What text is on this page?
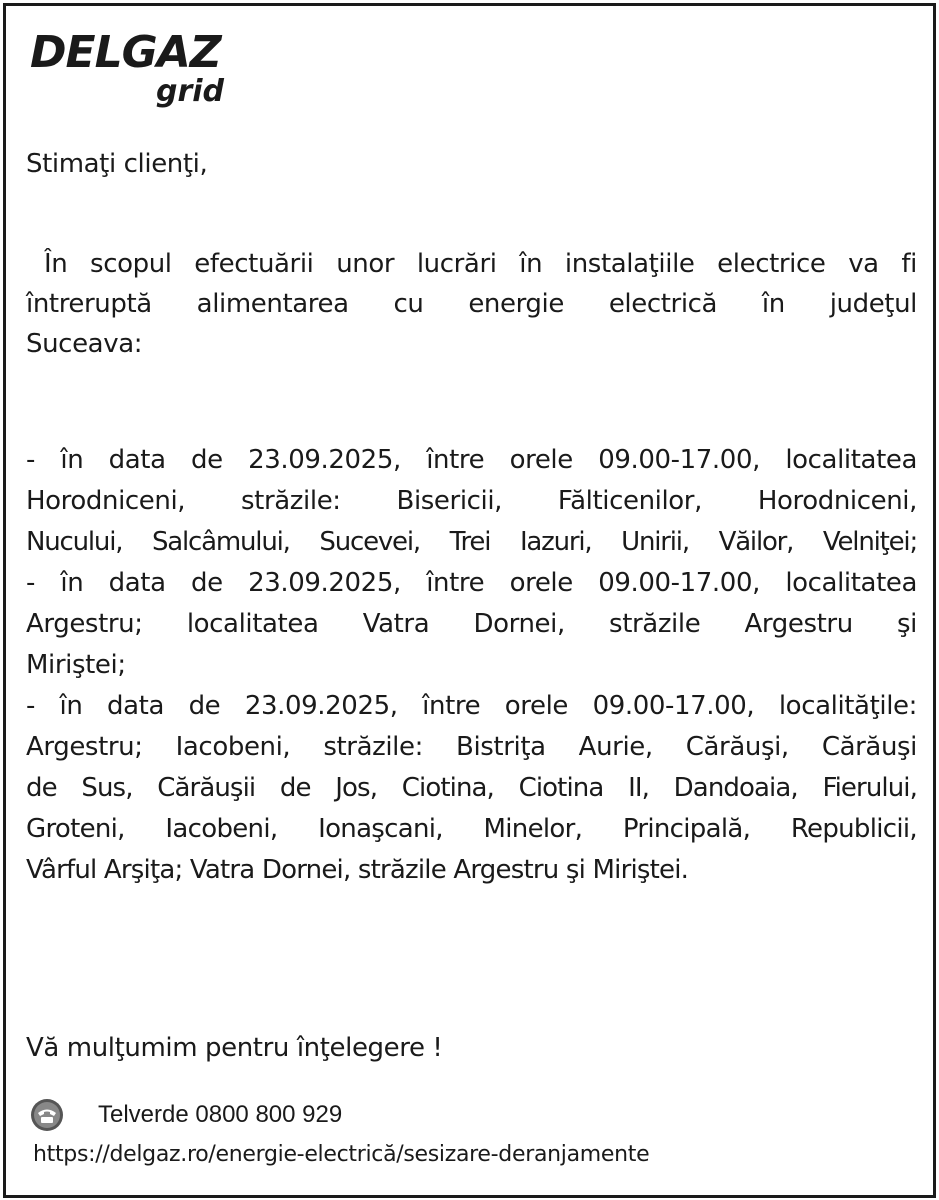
DELGAZ
grid
Stimaţi clienţi,
În scopul efectuării unor lucrări în instalaţiile electrice va fi
întreruptă alimentarea cu energie electrică în judeţul
Suceava:
- în data de 23.09.2025, între orele 09.00-17.00, localitatea
Horodniceni, străzile: Bisericii, Fălticenilor, Horodniceni,
Nucului, Salcâmului, Sucevei, Trei Iazuri, Unirii, Văilor, Velniţei;
- în data de 23.09.2025, între orele 09.00-17.00, localitatea
Argestru; localitatea Vatra Dornei, străzile Argestru şi
Miriştei;
- în data de 23.09.2025, între orele 09.00-17.00, localităţile:
Argestru; Iacobeni, străzile: Bistriţa Aurie, Cărăuşi, Cărăuşi
de Sus, Cărăuşii de Jos, Ciotina, Ciotina II, Dandoaia, Fierului,
Groteni, Iacobeni, Ionaşcani, Minelor, Principală, Republicii,
Vârful Arşiţa; Vatra Dornei, străzile Argestru şi Miriştei.
Vă mulţumim pentru înţelegere !
Telverde 0800 800 929
https://delgaz.ro/energie-electrică/sesizare-deranjamente
